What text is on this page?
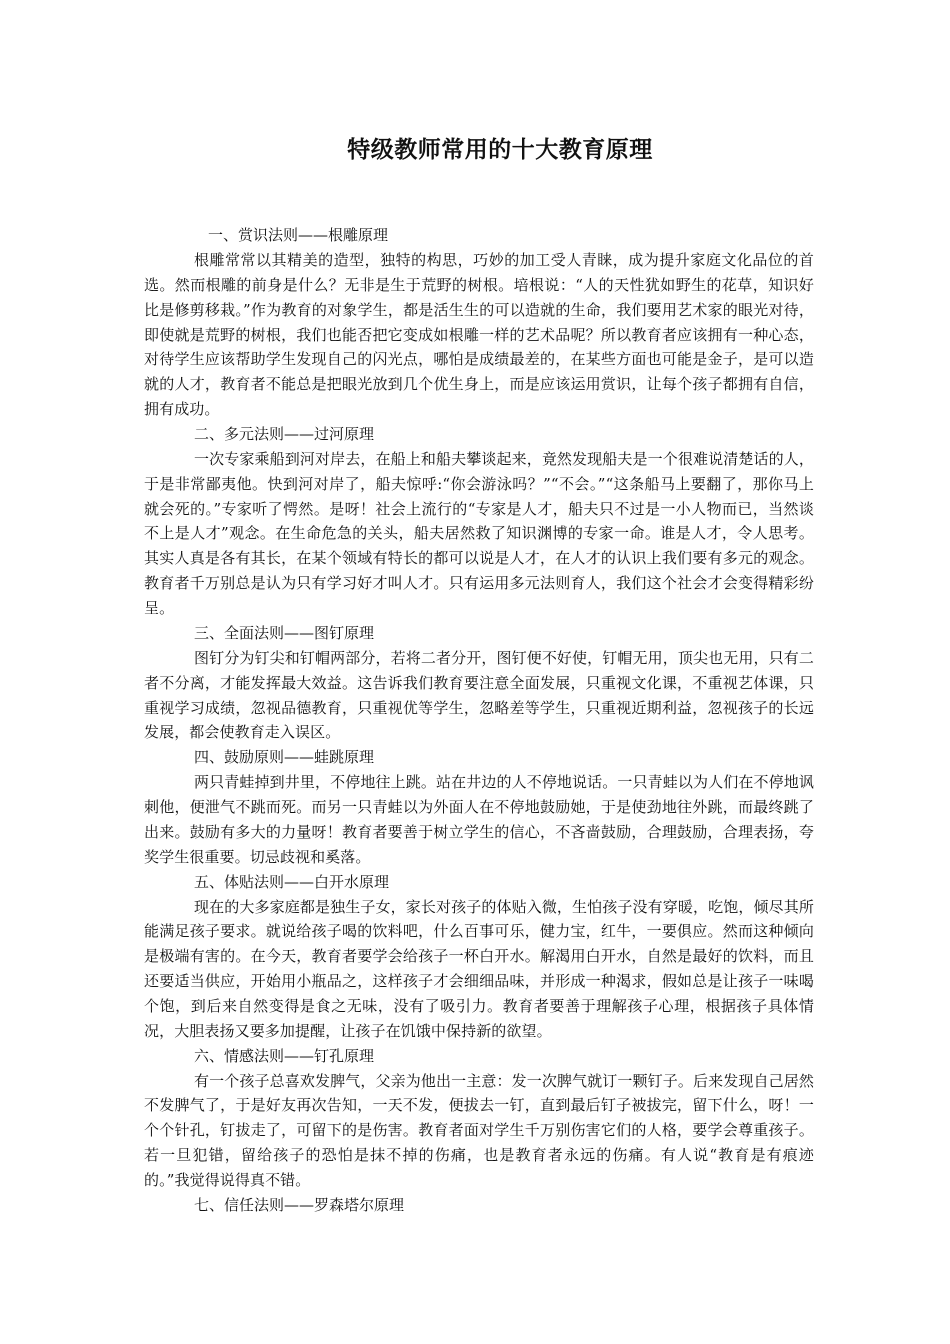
特级教师常用的十大教育原理

一、赏识法则——根雕原理

根雕常常以其精美的造型，独特的构思，巧妙的加工受人青睐，成为提升家庭文化品位的首选。然而根雕的前身是什么？无非是生于荒野的树根。培根说：“人的天性犹如野生的花草，知识好比是修剪移栽。”作为教育的对象学生，都是活生生的可以造就的生命，我们要用艺术家的眼光对待，即使就是荒野的树根，我们也能否把它变成如根雕一样的艺术品呢？所以教育者应该拥有一种心态，对待学生应该帮助学生发现自己的闪光点，哪怕是成绩最差的，在某些方面也可能是金子，是可以造就的人才，教育者不能总是把眼光放到几个优生身上，而是应该运用赏识，让每个孩子都拥有自信，拥有成功。

二、多元法则——过河原理

一次专家乘船到河对岸去，在船上和船夫攀谈起来，竟然发现船夫是一个很难说清楚话的人，于是非常鄙夷他。快到河对岸了，船夫惊呼:“你会游泳吗？”“不会。”“这条船马上要翻了，那你马上就会死的。”专家听了愕然。是呀！社会上流行的“专家是人才，船夫只不过是一小人物而已，当然谈不上是人才”观念。在生命危急的关头，船夫居然救了知识渊博的专家一命。谁是人才，令人思考。其实人真是各有其长，在某个领域有特长的都可以说是人才，在人才的认识上我们要有多元的观念。教育者千万别总是认为只有学习好才叫人才。只有运用多元法则育人，我们这个社会才会变得精彩纷呈。

三、全面法则——图钉原理

图钉分为钉尖和钉帽两部分，若将二者分开，图钉便不好使，钉帽无用，顶尖也无用，只有二者不分离，才能发挥最大效益。这告诉我们教育要注意全面发展，只重视文化课，不重视艺体课，只重视学习成绩，忽视品德教育，只重视优等学生，忽略差等学生，只重视近期利益，忽视孩子的长远发展，都会使教育走入误区。

四、鼓励原则——蛙跳原理

两只青蛙掉到井里，不停地往上跳。站在井边的人不停地说话。一只青蛙以为人们在不停地讽刺他，便泄气不跳而死。而另一只青蛙以为外面人在不停地鼓励她，于是使劲地往外跳，而最终跳了出来。鼓励有多大的力量呀！教育者要善于树立学生的信心，不吝啬鼓励，合理鼓励，合理表扬，夸奖学生很重要。切忌歧视和奚落。

五、体贴法则——白开水原理

现在的大多家庭都是独生子女，家长对孩子的体贴入微，生怕孩子没有穿暖，吃饱，倾尽其所能满足孩子要求。就说给孩子喝的饮料吧，什么百事可乐，健力宝，红牛，一要俱应。然而这种倾向是极端有害的。在今天，教育者要学会给孩子一杯白开水。解渴用白开水，自然是最好的饮料，而且还要适当供应，开始用小瓶品之，这样孩子才会细细品味，并形成一种渴求，假如总是让孩子一味喝个饱，到后来自然变得是食之无味，没有了吸引力。教育者要善于理解孩子心理，根据孩子具体情况，大胆表扬又要多加提醒，让孩子在饥饿中保持新的欲望。

六、情感法则——钉孔原理

有一个孩子总喜欢发脾气，父亲为他出一主意：发一次脾气就订一颗钉子。后来发现自己居然不发脾气了，于是好友再次告知，一天不发，便拔去一钉，直到最后钉子被拔完，留下什么，呀！一个个针孔，钉拔走了，可留下的是伤害。教育者面对学生千万别伤害它们的人格，要学会尊重孩子。若一旦犯错，留给孩子的恐怕是抹不掉的伤痛，也是教育者永远的伤痛。有人说“教育是有痕迹的。”我觉得说得真不错。

七、信任法则——罗森塔尔原理
